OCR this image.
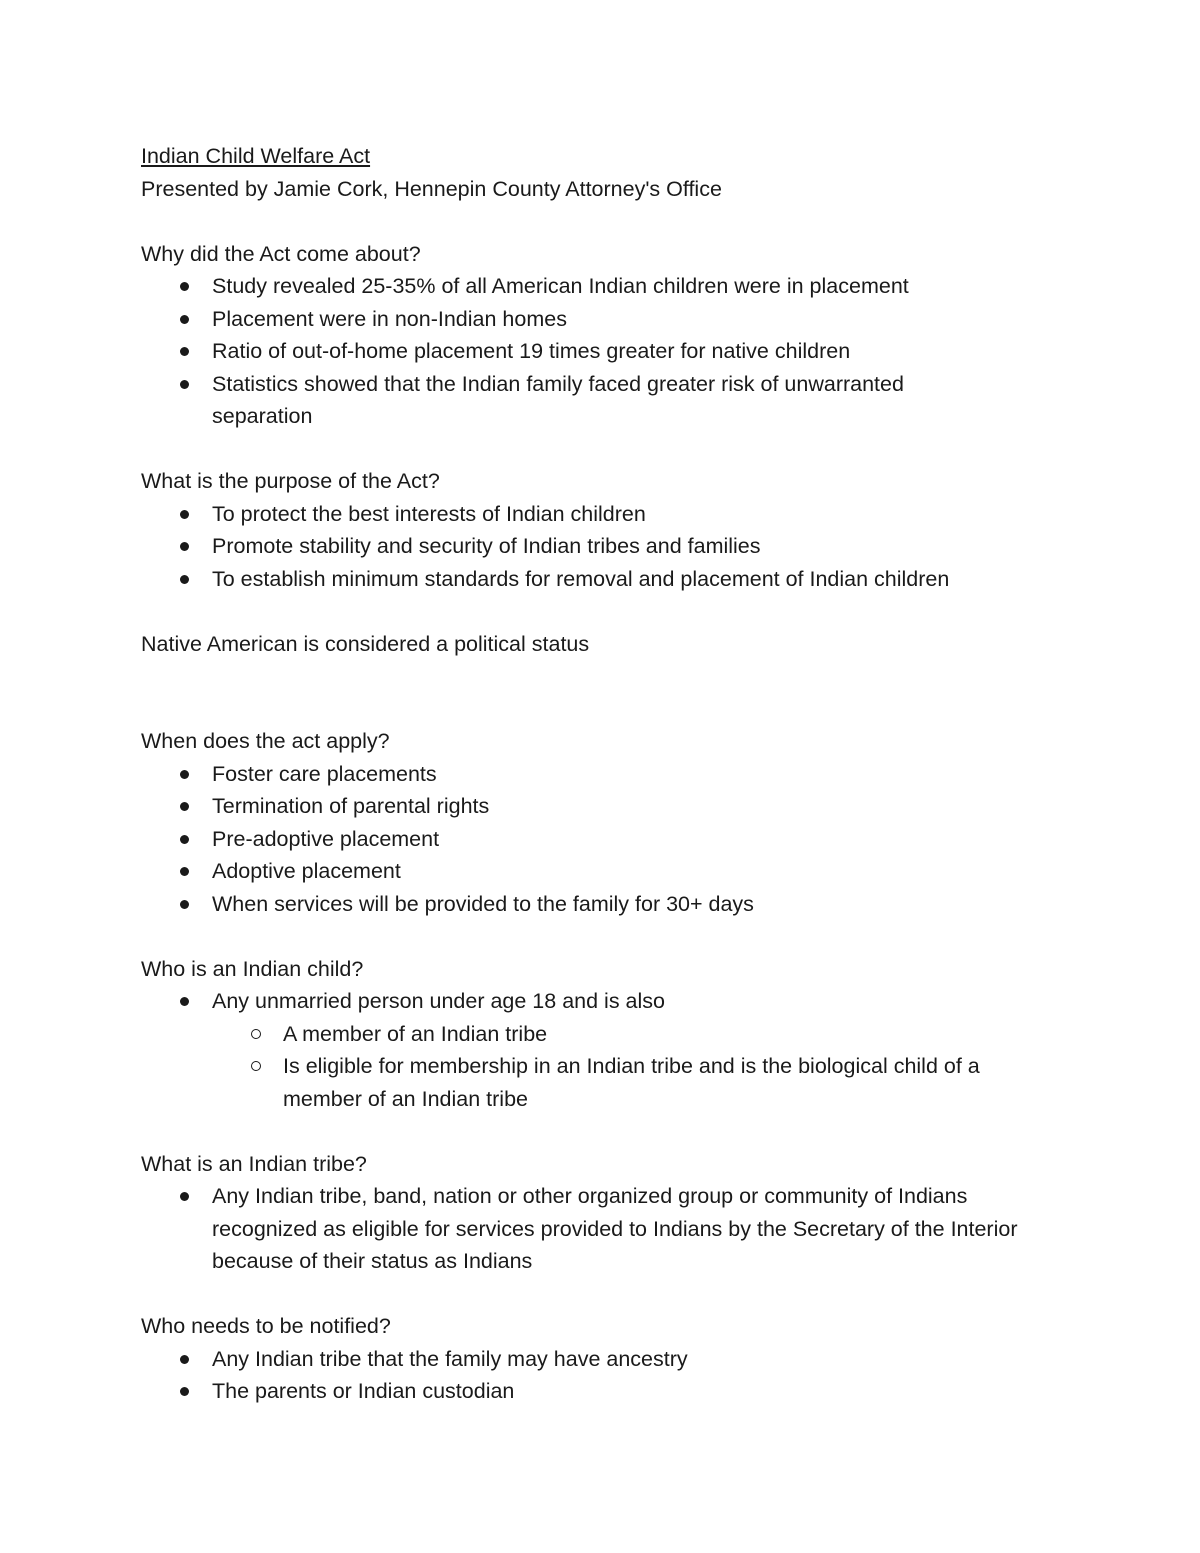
Indian Child Welfare Act
Presented by Jamie Cork, Hennepin County Attorney's Office
Why did the Act come about?
Study revealed 25-35% of all American Indian children were in placement
Placement were in non-Indian homes
Ratio of out-of-home placement 19 times greater for native children
Statistics showed that the Indian family faced greater risk of unwarranted separation
What is the purpose of the Act?
To protect the best interests of Indian children
Promote stability and security of Indian tribes and families
To establish minimum standards for removal and placement of Indian children
Native American is considered a political status
When does the act apply?
Foster care placements
Termination of parental rights
Pre-adoptive placement
Adoptive placement
When services will be provided to the family for 30+ days
Who is an Indian child?
Any unmarried person under age 18 and is also
A member of an Indian tribe
Is eligible for membership in an Indian tribe and is the biological child of a member of an Indian tribe
What is an Indian tribe?
Any Indian tribe, band, nation or other organized group or community of Indians recognized as eligible for services provided to Indians by the Secretary of the Interior because of their status as Indians
Who needs to be notified?
Any Indian tribe that the family may have ancestry
The parents or Indian custodian
